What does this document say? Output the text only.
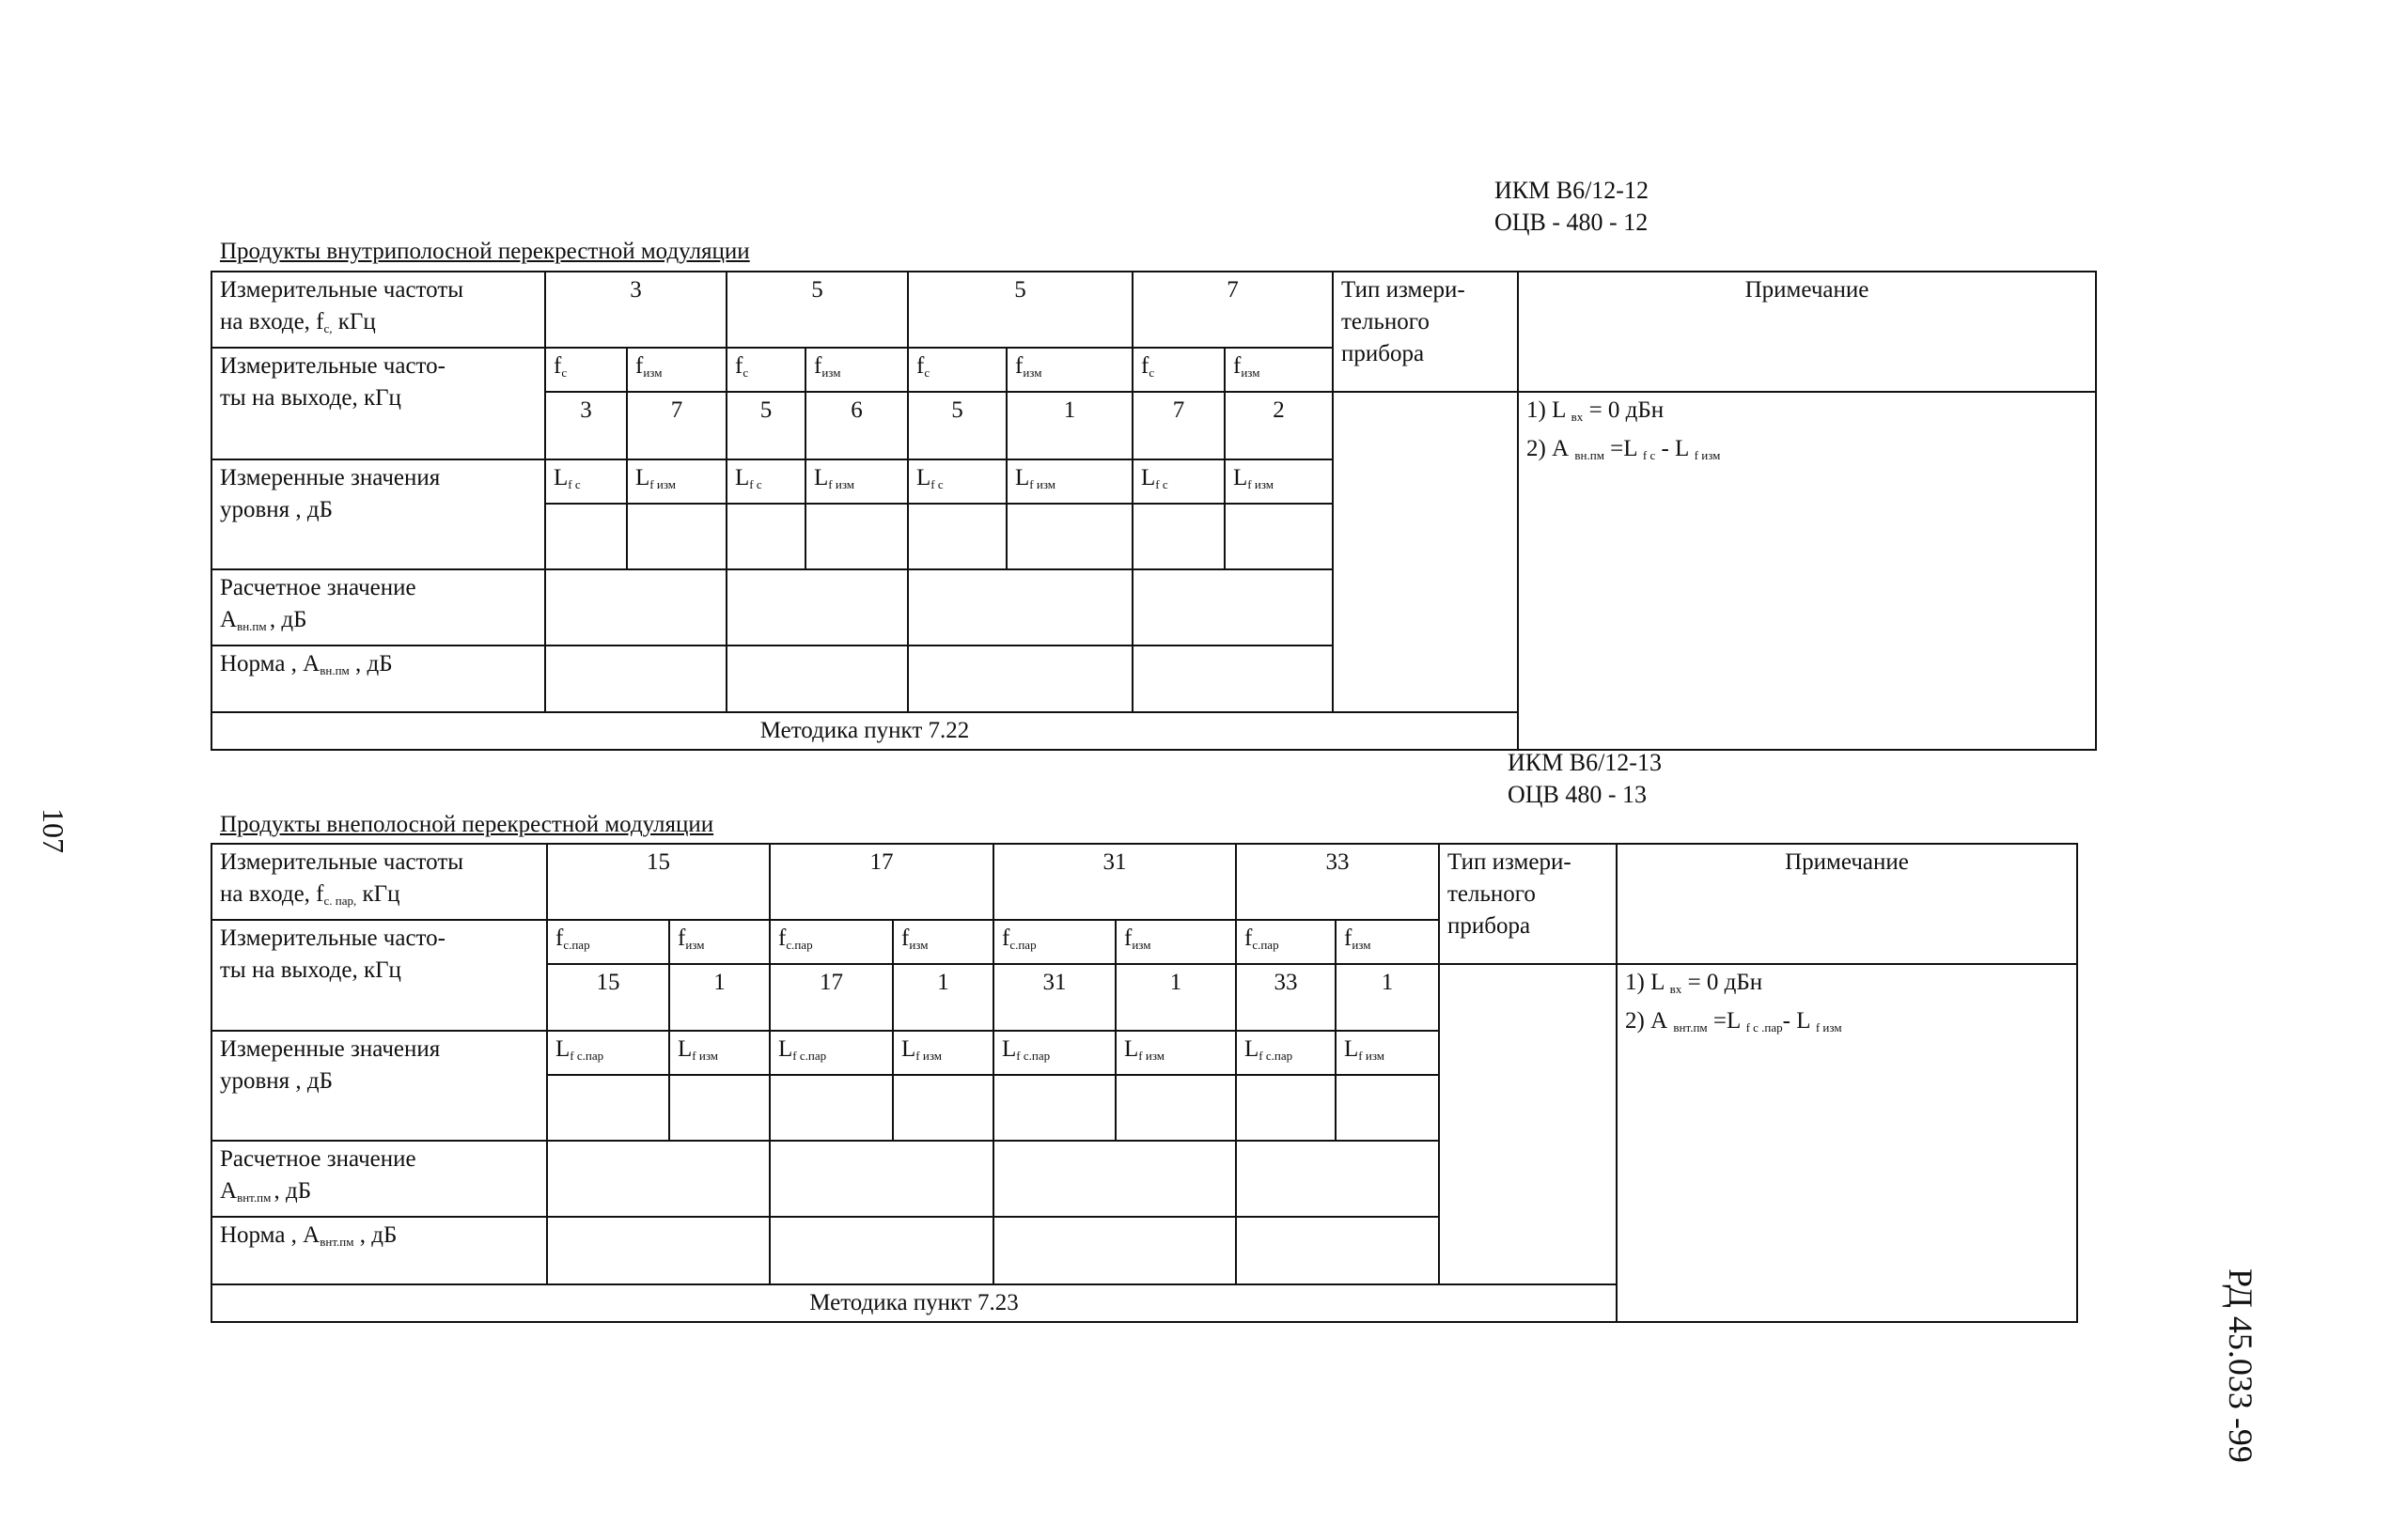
ИКМ В6/12-12
ОЦВ - 480 - 12
Продукты внутриполосной перекрестной модуляции
Измерительные частоты
на входе, $f_{с,}$ кГц	3		5		5		7		Тип измери-
тельного
прибора	Примечание

Измерительные часто-
ты на выходе, кГц	$f_с$	$f_{изм}$	$f_с$	$f_{изм}$	$f_с$	$f_{изм}$	$f_с$	$f_{изм}$
	3	7	5	6	5	1	7	2		1) L $_{вх}$ = 0 дБн
2) А $_{вн.пм}$ =L $_{f с}$ - L $_{f изм}$

Измеренные значения
уровня , дБ	$L_{f с}$	$L_{f изм}$	$L_{f с}$	$L_{f изм}$	$L_{f с}$	$L_{f изм}$	$L_{f с}$	$L_{f изм}$

Расчетное значение
$А_{вн.пм}$ , дБ										

Норма , $А_{вн.пм}$ , дБ										
Методика пункт 7.22										
ИКМ В6/12-13
ОЦВ 480 - 13
Продукты внеполосной перекрестной модуляции
Измерительные частоты
на входе, $f_{с. пар,}$ кГц	15		17		31		33		Тип измери-
тельного
прибора	Примечание

Измерительные часто-
ты на выходе, кГц	$f_{с.пар}$	$f_{изм}$	$f_{с.пар}$	$f_{изм}$	$f_{с.пар}$	$f_{изм}$	$f_{с.пар}$	$f_{изм}$
	15	1	17	1	31	1	33	1		1) L $_{вх}$ = 0 дБн
2) А $_{внт.пм}$ =L $_{f с .пар}$- L $_{f изм}$

Измеренные значения
уровня , дБ	$L_{f с.пар}$	$L_{f изм}$	$L_{f с.пар}$	$L_{f изм}$	$L_{f с.пар}$	$L_{f изм}$	$L_{f с.пар}$	$L_{f изм}$

Расчетное значение
$А_{внт.пм}$ , дБ										

Норма , $А_{внт.пм}$ , дБ										
Методика пункт 7.23										
107
РД 45.033 -99
